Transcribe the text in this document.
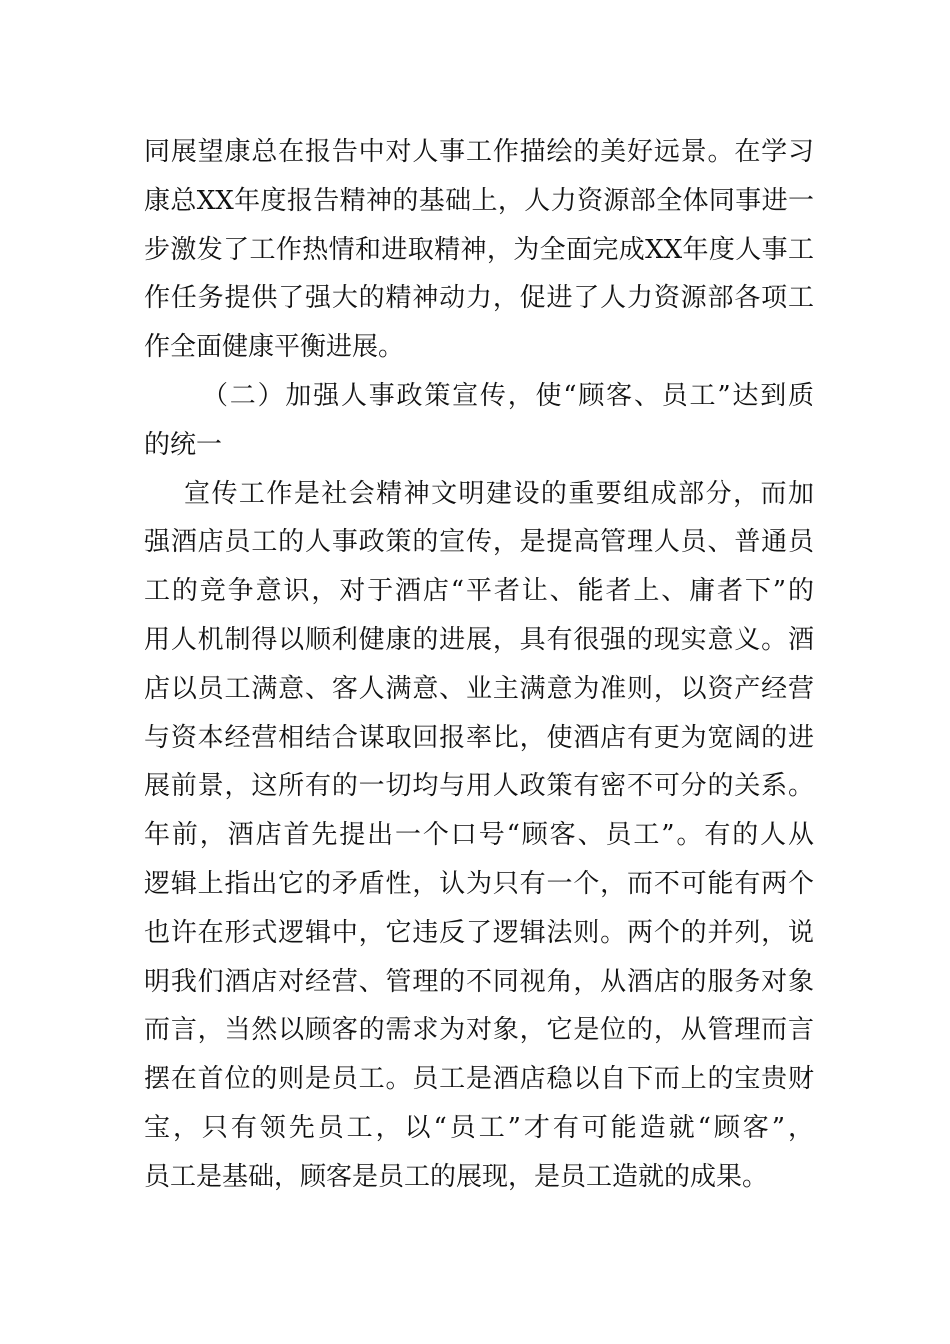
同展望康总在报告中对人事工作描绘的美好远景。在学习
康总XX年度报告精神的基础上，人力资源部全体同事进一
步激发了工作热情和进取精神，为全面完成XX年度人事工
作任务提供了强大的精神动力，促进了人力资源部各项工
作全面健康平衡进展。

（二）加强人事政策宣传，使“顾客、员工”达到质
的统一

宣传工作是社会精神文明建设的重要组成部分，而加
强酒店员工的人事政策的宣传，是提高管理人员、普通员
工的竞争意识，对于酒店“平者让、能者上、庸者下”的
用人机制得以顺利健康的进展，具有很强的现实意义。酒
店以员工满意、客人满意、业主满意为准则，以资产经营
与资本经营相结合谋取回报率比，使酒店有更为宽阔的进
展前景，这所有的一切均与用人政策有密不可分的关系。
年前，酒店首先提出一个口号“顾客、员工”。有的人从
逻辑上指出它的矛盾性，认为只有一个，而不可能有两个
也许在形式逻辑中，它违反了逻辑法则。两个的并列，说
明我们酒店对经营、管理的不同视角，从酒店的服务对象
而言，当然以顾客的需求为对象，它是位的，从管理而言
摆在首位的则是员工。员工是酒店稳以自下而上的宝贵财
宝，只有领先员工，以“员工”才有可能造就“顾客”，
员工是基础，顾客是员工的展现，是员工造就的成果。
